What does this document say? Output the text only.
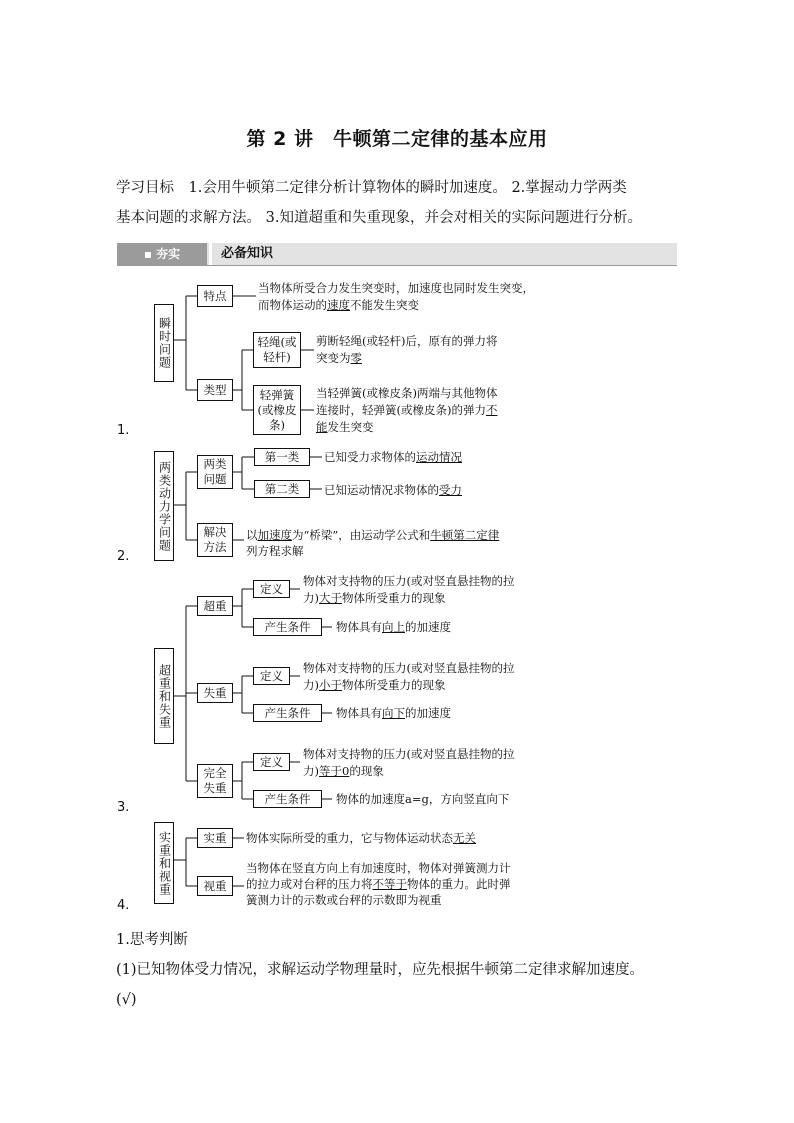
第 2 讲　牛顿第二定律的基本应用

学习目标　1.会用牛顿第二定律分析计算物体的瞬时加速度。 2.掌握动力学两类

基本问题的求解方法。 3.知道超重和失重现象，并会对相关的实际问题进行分析。

▪ 夯实	必备知识
1.
瞬时问题
特点
当物体所受合力发生突变时，加速度也同时发生突变，
而物体运动的速度不能发生突变
类型
轻绳(或轻杆)
剪断轻绳(或轻杆)后，原有的弹力将
突变为零
轻弹簧(或橡皮条)
当轻弹簧(或橡皮条)两端与其他物体
连接时，轻弹簧(或橡皮条)的弹力不
能发生突变
2.
两类动力学问题	两类问题
第一类	已知受力求物体的运动情况
第二类	已知运动情况求物体的受力
解决方法
以加速度为“桥梁”，由运动学公式和牛顿第二定律
列方程求解
3.
超重和失重
超重
定义
物体对支持物的压力(或对竖直悬挂物的拉
力)大于物体所受重力的现象
产生条件	物体具有向上的加速度
失重
定义
物体对支持物的压力(或对竖直悬挂物的拉
力)小于物体所受重力的现象
产生条件	物体具有向下的加速度
完全失重
定义
物体对支持物的压力(或对竖直悬挂物的拉
力)等于0的现象
产生条件	物体的加速度a=g，方向竖直向下
4.
实重和视重	实重	物体实际所受的重力，它与物体运动状态无关
视重
当物体在竖直方向上有加速度时，物体对弹簧测力计
的拉力或对台秤的压力将不等于物体的重力。此时弹
簧测力计的示数或台秤的示数即为视重

1.思考判断

(1)已知物体受力情况，求解运动学物理量时，应先根据牛顿第二定律求解加速度。

(√)
